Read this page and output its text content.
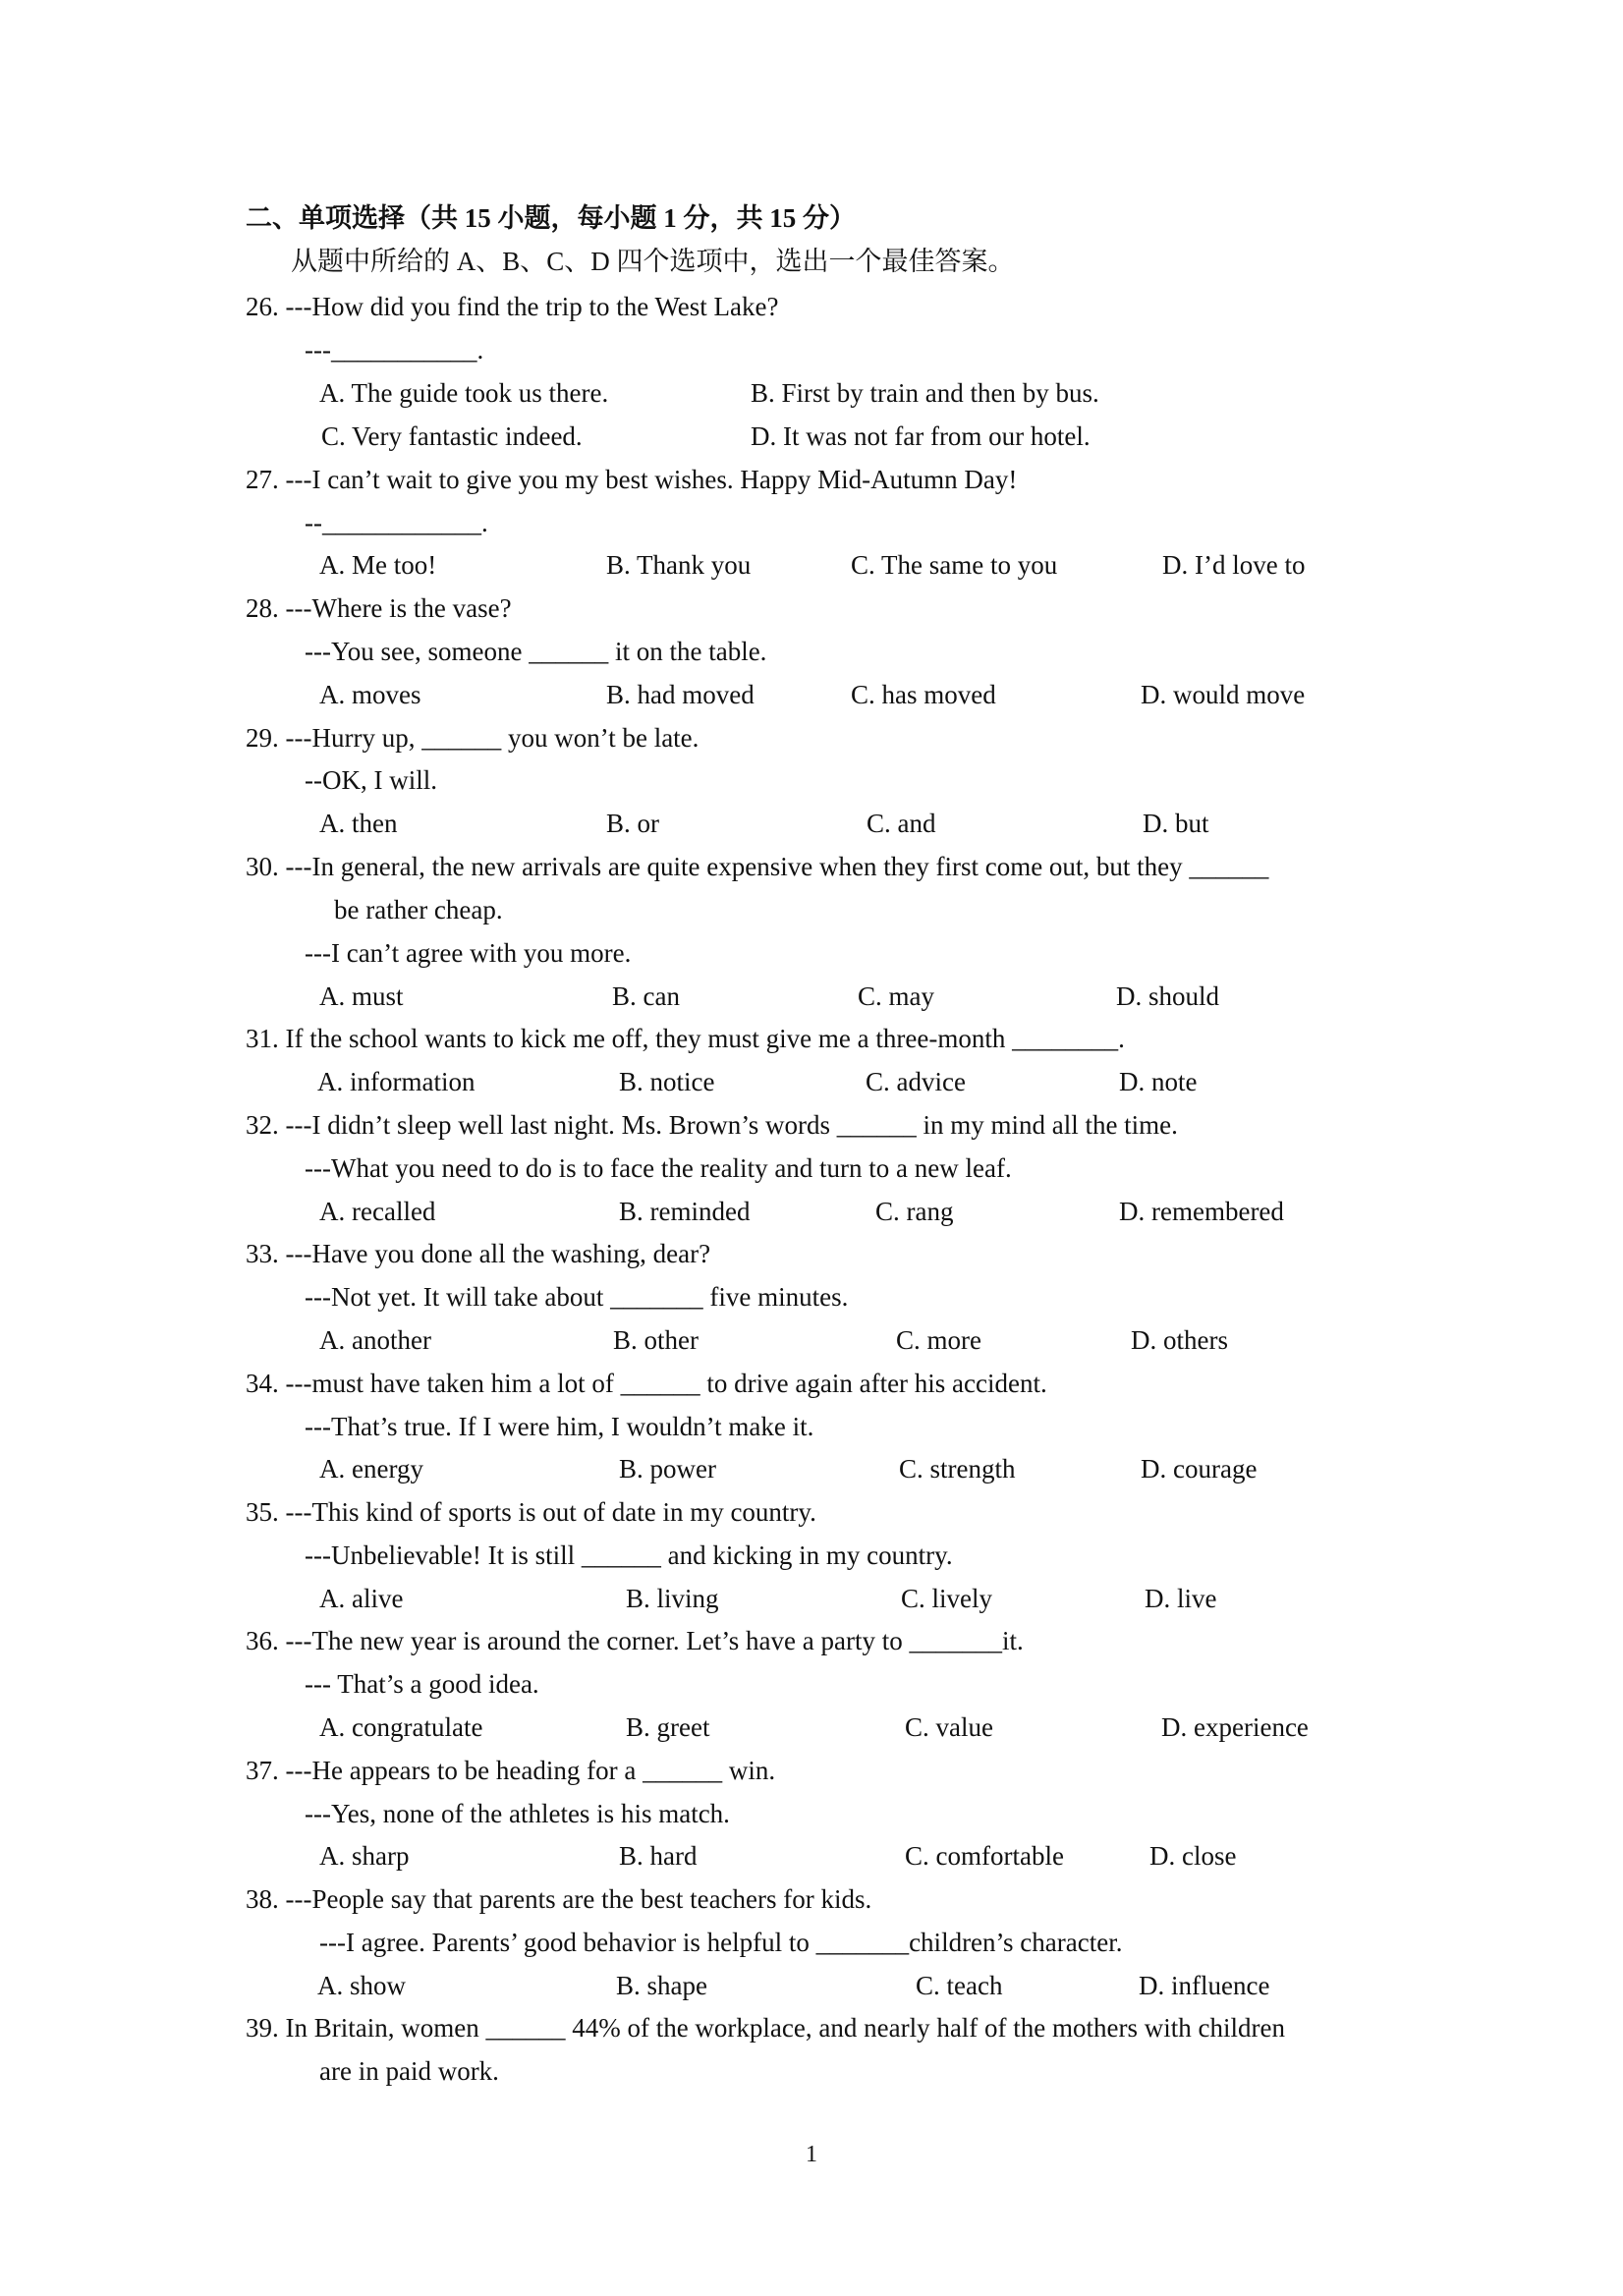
二、单项选择（共 15 小题，每小题 1 分，共 15 分）
从题中所给的 A、B、C、D 四个选项中，选出一个最佳答案。
26. ---How did you find the trip to the West Lake?
---___________.
A. The guide took us there.	B. First by train and then by bus.
C. Very fantastic indeed.	D. It was not far from our hotel.
27. ---I can’t wait to give you my best wishes. Happy Mid-Autumn Day!
--____________.
A. Me too!	B. Thank you	C. The same to you	D. I’d love to
28. ---Where is the vase?
---You see, someone ______ it on the table.
A. moves	B. had moved	C. has moved	D. would move
29. ---Hurry up, ______ you won’t be late.
--OK, I will.
A. then	B. or	C. and	D. but
30. ---In general, the new arrivals are quite expensive when they first come out, but they ______
be rather cheap.
---I can’t agree with you more.
A. must	B. can	C. may	D. should
31. If the school wants to kick me off, they must give me a three-month ________.
A. information	B. notice	C. advice	D. note
32. ---I didn’t sleep well last night. Ms. Brown’s words ______ in my mind all the time.
---What you need to do is to face the reality and turn to a new leaf.
A. recalled	B. reminded	C. rang	D. remembered
33. ---Have you done all the washing, dear?
---Not yet. It will take about _______ five minutes.
A. another	B. other	C. more	D. others
34. ---must have taken him a lot of ______ to drive again after his accident.
---That’s true. If I were him, I wouldn’t make it.
A. energy	B. power	C. strength	D. courage
35. ---This kind of sports is out of date in my country.
---Unbelievable! It is still ______ and kicking in my country.
A. alive	B. living	C. lively	D. live
36. ---The new year is around the corner. Let’s have a party to _______it.
--- That’s a good idea.
A. congratulate	B. greet	C. value	D. experience
37. ---He appears to be heading for a ______ win.
---Yes, none of the athletes is his match.
A. sharp	B. hard	C. comfortable	D. close
38. ---People say that parents are the best teachers for kids.
---I agree. Parents’ good behavior is helpful to _______children’s character.
A. show	B. shape	C. teach	D. influence
39. In Britain, women ______ 44% of the workplace, and nearly half of the mothers with children
are in paid work.
1
